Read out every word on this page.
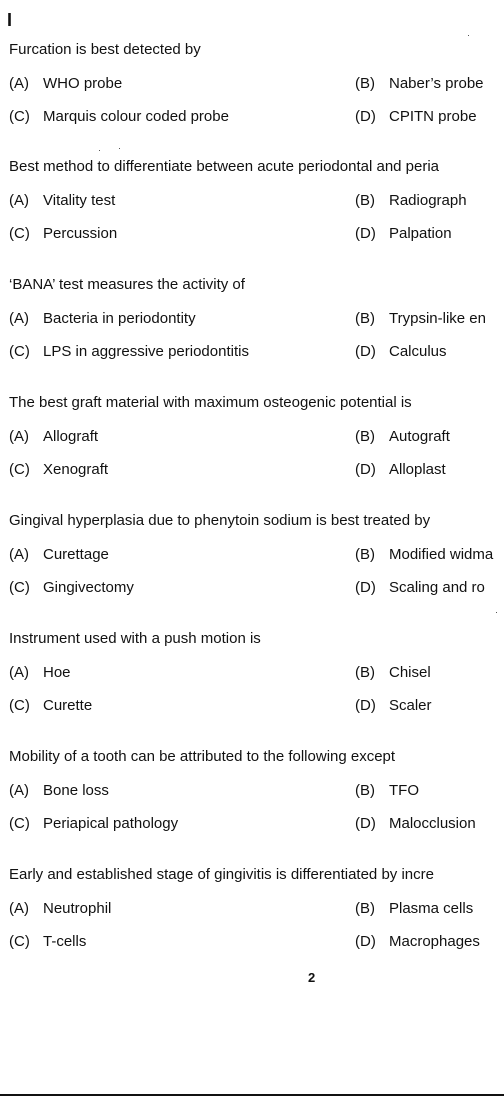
I
Furcation is best detected by
(A) WHO probe	(B) Naber’s probe
(C) Marquis colour coded probe	(D) CPITN probe
Best method to differentiate between acute periodontal and peria
(A) Vitality test	(B) Radiograph
(C) Percussion	(D) Palpation
‘BANA’ test measures the activity of
(A) Bacteria in periodontity	(B) Trypsin-like en
(C) LPS in aggressive periodontitis	(D) Calculus
The best graft material with maximum osteogenic potential is
(A) Allograft	(B) Autograft
(C) Xenograft	(D) Alloplast
Gingival hyperplasia due to phenytoin sodium is best treated by
(A) Curettage	(B) Modified widma
(C) Gingivectomy	(D) Scaling and ro
Instrument used with a push motion is
(A) Hoe	(B) Chisel
(C) Curette	(D) Scaler
Mobility of a tooth can be attributed to the following except
(A) Bone loss	(B) TFO
(C) Periapical pathology	(D) Malocclusion
Early and established stage of gingivitis is differentiated by incre
(A) Neutrophil	(B) Plasma cells
(C) T-cells	(D) Macrophages
2
